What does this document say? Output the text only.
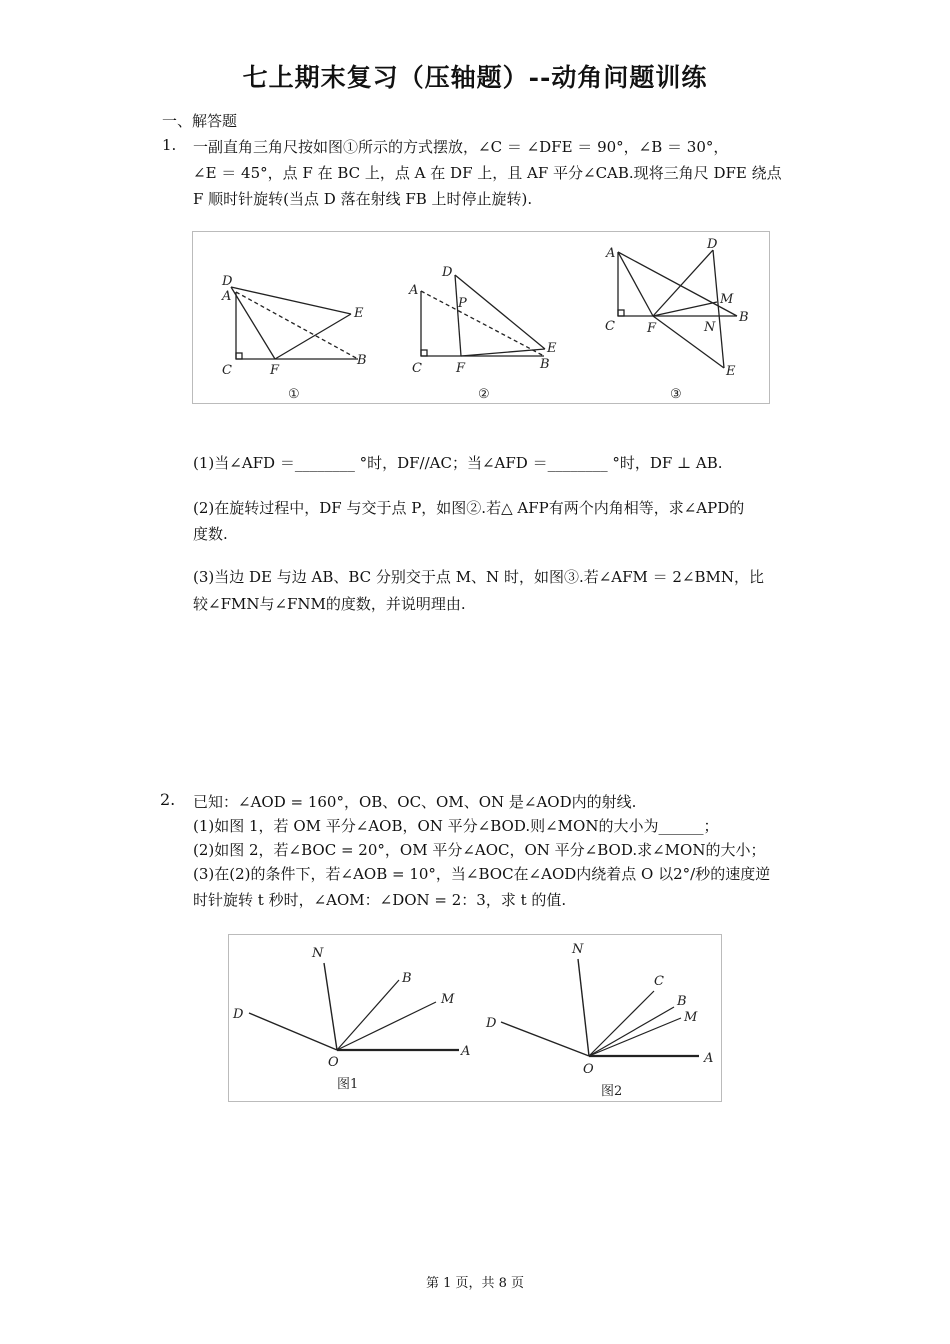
七上期末复习（压轴题）--动角问题训练
一、解答题
1. 一副直角三角尺按如图①所示的方式摆放，∠C ＝ ∠DFE ＝ 90°，∠B ＝ 30°，
∠E ＝ 45°，点 F 在 BC 上，点 A 在 DF 上，且 AF 平分∠CAB.现将三角尺 DFE 绕点
F 顺时针旋转(当点 D 落在射线 FB 上时停止旋转).
D
A
C	F
E
B
①
D
A
P
C	F
E
B
②
A
D
M
C F	N
B
E
③
(1)当∠AFD ＝________ °时，DF//AC；当∠AFD ＝________ °时，DF ⊥ AB.
(2)在旋转过程中，DF 与交于点 P，如图②.若△ AFP有两个内角相等，求∠APD的
度数.
(3)当边 DE 与边 AB、BC 分别交于点 M、N 时，如图③.若∠AFM ＝ 2∠BMN，比
较∠FMN与∠FNM的度数，并说明理由.
2. 已知：∠AOD = 160°，OB、OC、OM、ON 是∠AOD内的射线.
(1)如图 1，若 OM 平分∠AOB，ON 平分∠BOD.则∠MON的大小为______；
(2)如图 2，若∠BOC = 20°，OM 平分∠AOC，ON 平分∠BOD.求∠MON的大小；
(3)在(2)的条件下，若∠AOB = 10°，当∠BOC在∠AOD内绕着点 O 以2°/秒的速度逆
时针旋转 t 秒时，∠AOM：∠DON = 2：3，求 t 的值.
N
B
M
D
O
A
图1
N
C
B
M
D
O
A
图2
第 1 页，共 8 页
